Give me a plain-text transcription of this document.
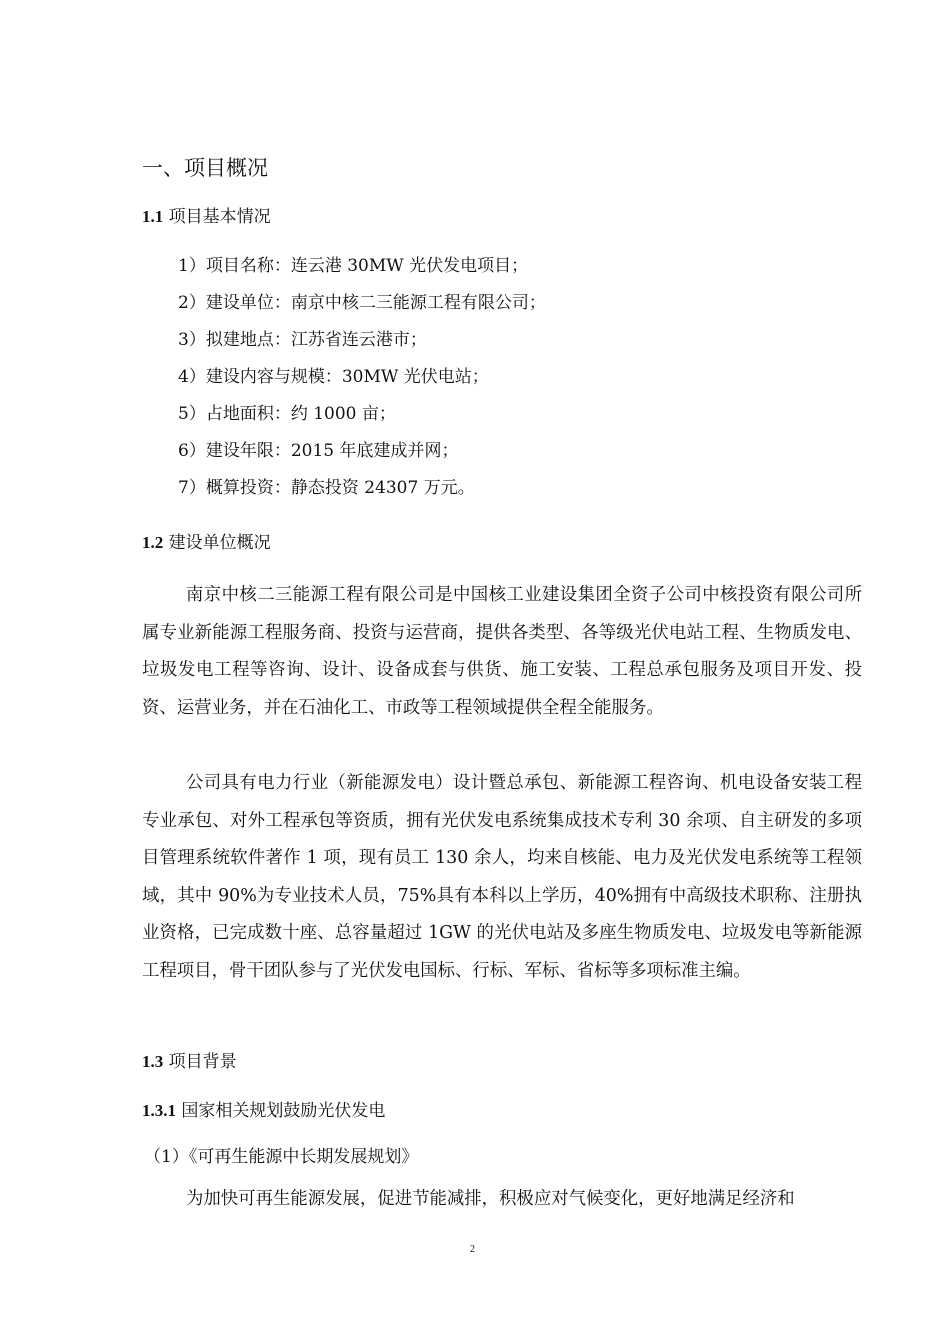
一、项目概况
1.1 项目基本情况
1）项目名称：连云港 30MW 光伏发电项目；
2）建设单位：南京中核二三能源工程有限公司；
3）拟建地点：江苏省连云港市；
4）建设内容与规模：30MW 光伏电站；
5）占地面积：约 1000 亩；
6）建设年限：2015 年底建成并网；
7）概算投资：静态投资 24307 万元。
1.2 建设单位概况
南京中核二三能源工程有限公司是中国核工业建设集团全资子公司中核投资有限公司所属专业新能源工程服务商、投资与运营商，提供各类型、各等级光伏电站工程、生物质发电、垃圾发电工程等咨询、设计、设备成套与供货、施工安装、工程总承包服务及项目开发、投资、运营业务，并在石油化工、市政等工程领域提供全程全能服务。
公司具有电力行业（新能源发电）设计暨总承包、新能源工程咨询、机电设备安装工程专业承包、对外工程承包等资质，拥有光伏发电系统集成技术专利 30 余项、自主研发的多项目管理系统软件著作 1 项，现有员工 130 余人，均来自核能、电力及光伏发电系统等工程领域，其中 90%为专业技术人员，75%具有本科以上学历，40%拥有中高级技术职称、注册执业资格，已完成数十座、总容量超过 1GW 的光伏电站及多座生物质发电、垃圾发电等新能源工程项目，骨干团队参与了光伏发电国标、行标、军标、省标等多项标准主编。
1.3 项目背景
1.3.1 国家相关规划鼓励光伏发电
（1）《可再生能源中长期发展规划》
为加快可再生能源发展，促进节能减排，积极应对气候变化，更好地满足经济和
2
